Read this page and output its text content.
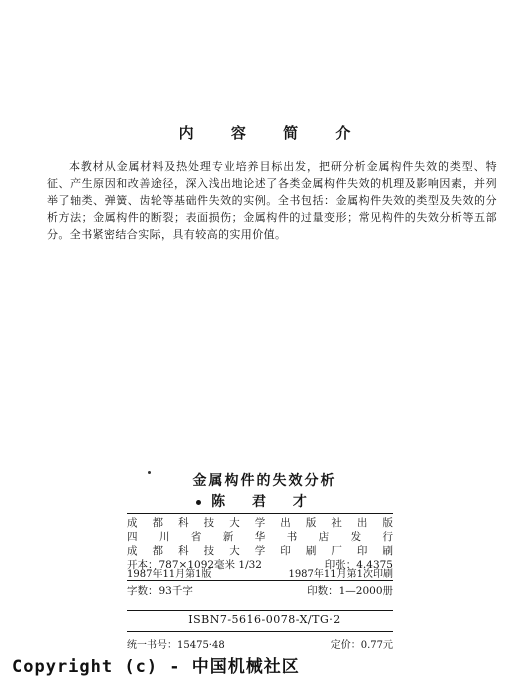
内 容 简 介
本教材从金属材料及热处理专业培养目标出发，把研分析金属构件失效的类型、特征、产生原因和改善途径，深入浅出地论述了各类金属构件失效的机理及影响因素，并列举了轴类、弹簧、齿轮等基础件失效的实例。全书包括：金属构件失效的类型及失效的分析方法；金属构件的断裂；表面损伤；金属构件的过量变形；常见构件的失效分析等五部分。全书紧密结合实际，具有较高的实用价值。
金属构件的失效分析
陈 君 才
成 都 科 技 大 学 出 版 社 出 版
四 川 省 新 华 书 店 发 行
成 都 科 技 大 学 印 刷 厂 印 刷
开本：787×1092毫米 1/32	印张：4.4375
1987年11月第1版	1987年11月第1次印刷
字数：93千字	印数：1—2000册
ISBN7-5616-0078-X/TG·2
统一书号：15475·48	定价：0.77元
Copyright (c) - 中国机械社区
